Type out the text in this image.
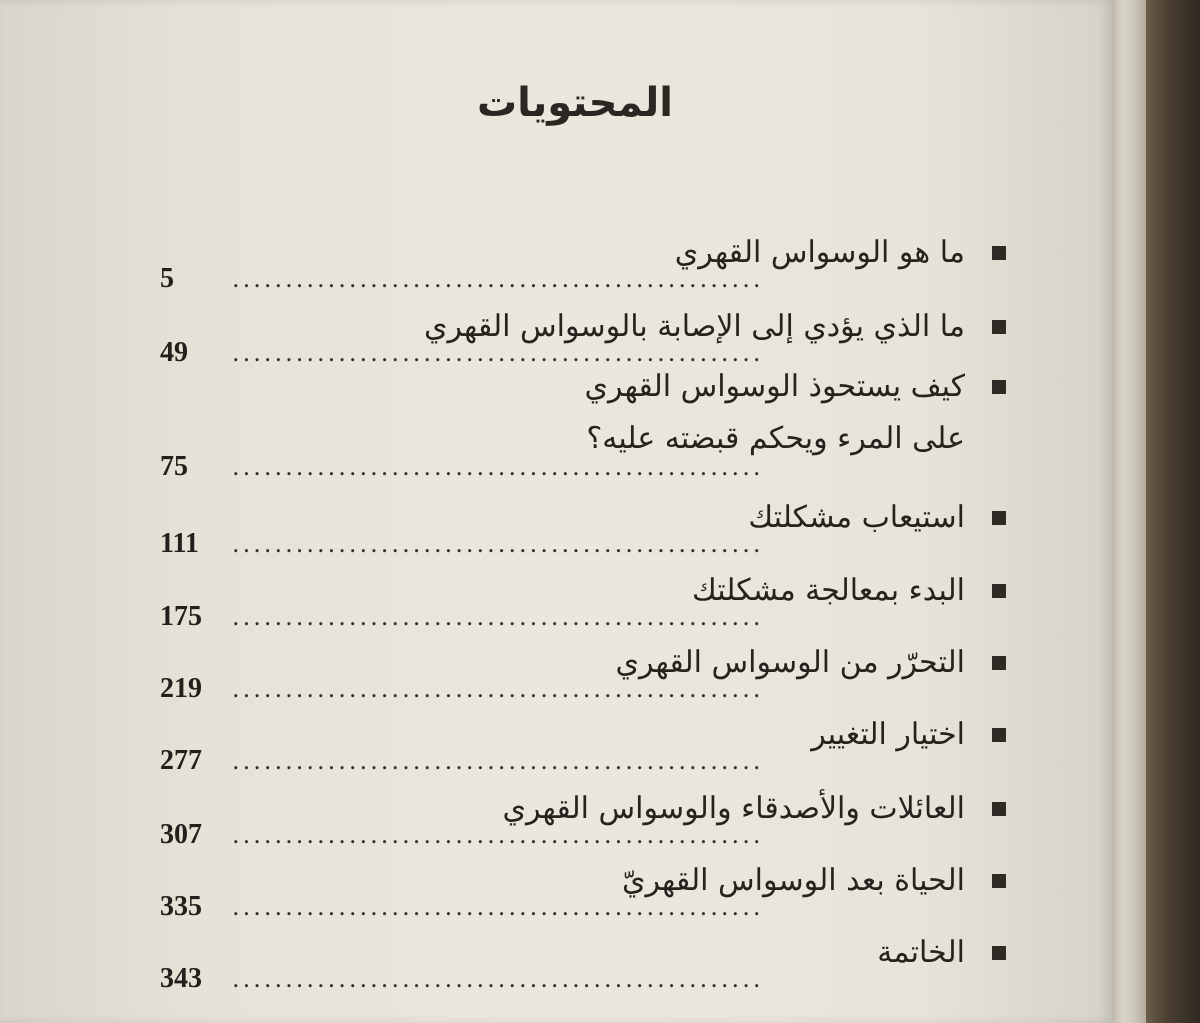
المحتويات
ما هو الوسواس القهري
..................................................
5
ما الذي يؤدي إلى الإصابة بالوسواس القهري
..................................................
49
كيف يستحوذ الوسواس القهري
على المرء ويحكم قبضته عليه؟
..................................................
75
استيعاب مشكلتك
..................................................
111
البدء بمعالجة مشكلتك
..................................................
175
التحرّر من الوسواس القهري
..................................................
219
اختيار التغيير
..................................................
277
العائلات والأصدقاء والوسواس القهري
..................................................
307
الحياة بعد الوسواس القهريّ
..................................................
335
الخاتمة
..................................................
343
